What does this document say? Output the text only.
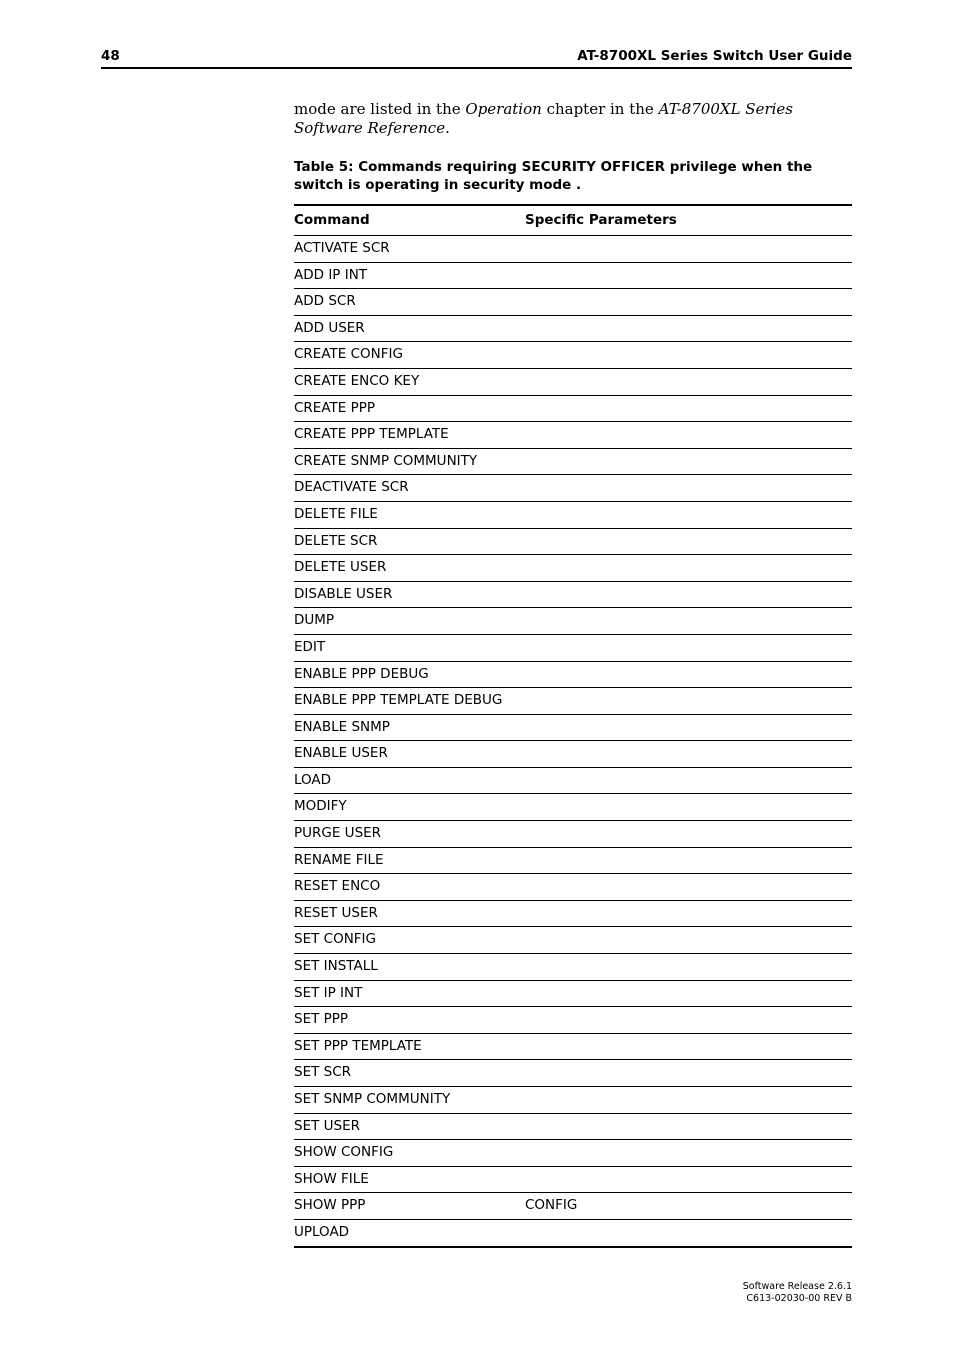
48	AT-8700XL Series Switch User Guide

mode are listed in the Operation chapter in the AT-8700XL Series Software Reference.

Table 5: Commands requiring SECURITY OFFICER privilege when the switch is operating in security mode .
Command	Specific Parameters
ACTIVATE SCR
ADD IP INT
ADD SCR
ADD USER
CREATE CONFIG
CREATE ENCO KEY
CREATE PPP
CREATE PPP TEMPLATE
CREATE SNMP COMMUNITY
DEACTIVATE SCR
DELETE FILE
DELETE SCR
DELETE USER
DISABLE USER
DUMP
EDIT
ENABLE PPP DEBUG
ENABLE PPP TEMPLATE DEBUG
ENABLE SNMP
ENABLE USER
LOAD
MODIFY
PURGE USER
RENAME FILE
RESET ENCO
RESET USER
SET CONFIG
SET INSTALL
SET IP INT
SET PPP
SET PPP TEMPLATE
SET SCR
SET SNMP COMMUNITY
SET USER
SHOW CONFIG
SHOW FILE
SHOW PPP	CONFIG
UPLOAD
Software Release 2.6.1
C613-02030-00 REV B
